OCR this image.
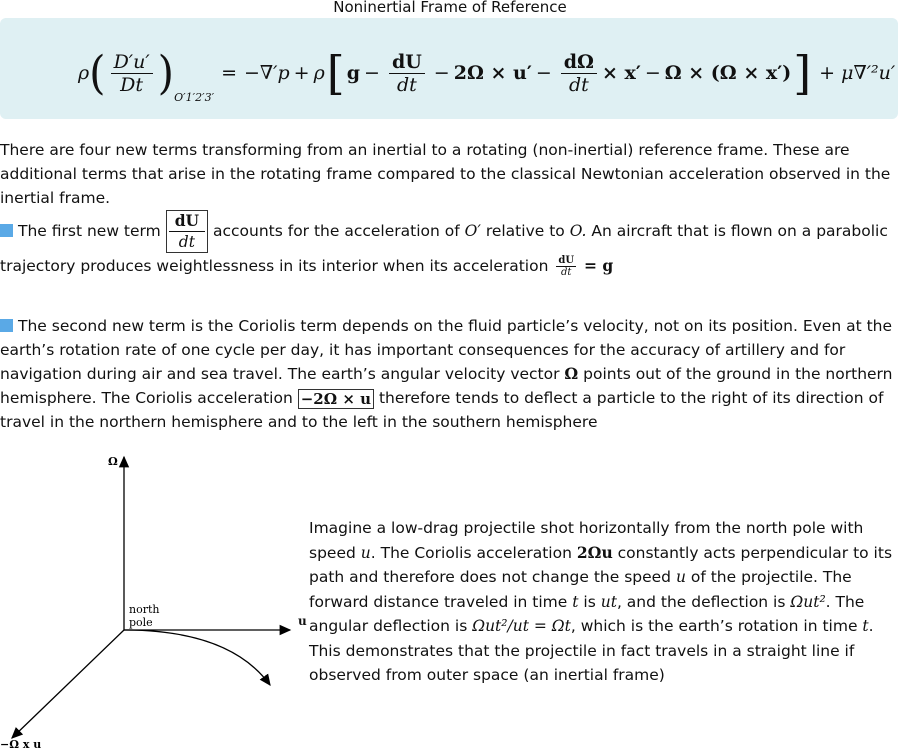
Noninertial Frame of Reference
ρ ( $\frac{D'u'}{Dt}$ ) O′1′2′3′
= −∇′p + ρ [ $g - \frac{dU}{dt} - 2\Omega \times u' - \frac{d\Omega}{dt} \times x' - \Omega \times (\Omega \times x')$ ] + μ∇′²u′
There are four new terms transforming from an inertial to a rotating (non-inertial) reference frame. These are additional terms that arise in the rotating frame compared to the classical Newtonian acceleration observed in the inertial frame.
The first new term $\frac{dU}{dt}$ accounts for the acceleration of O′ relative to O. An aircraft that is flown on a parabolic trajectory produces weightlessness in its interior when its acceleration $\frac{dU}{dt} = g$
The second new term is the Coriolis term depends on the fluid particle’s velocity, not on its position. Even at the earth’s rotation rate of one cycle per day, it has important consequences for the accuracy of artillery and for navigation during air and sea travel. The earth’s angular velocity vector Ω points out of the ground in the northern hemisphere. The Coriolis acceleration −2Ω × u therefore tends to deflect a particle to the right of its direction of travel in the northern hemisphere and to the left in the southern hemisphere
Ω
north
pole
−Ω x u
u
Imagine a low-drag projectile shot horizontally from the north pole with speed u. The Coriolis acceleration 2Ωu constantly acts perpendicular to its path and therefore does not change the speed u of the projectile. The forward distance traveled in time t is ut, and the deflection is Ωut². The angular deflection is Ωut²/ut = Ωt, which is the earth’s rotation in time t. This demonstrates that the projectile in fact travels in a straight line if observed from outer space (an inertial frame)
